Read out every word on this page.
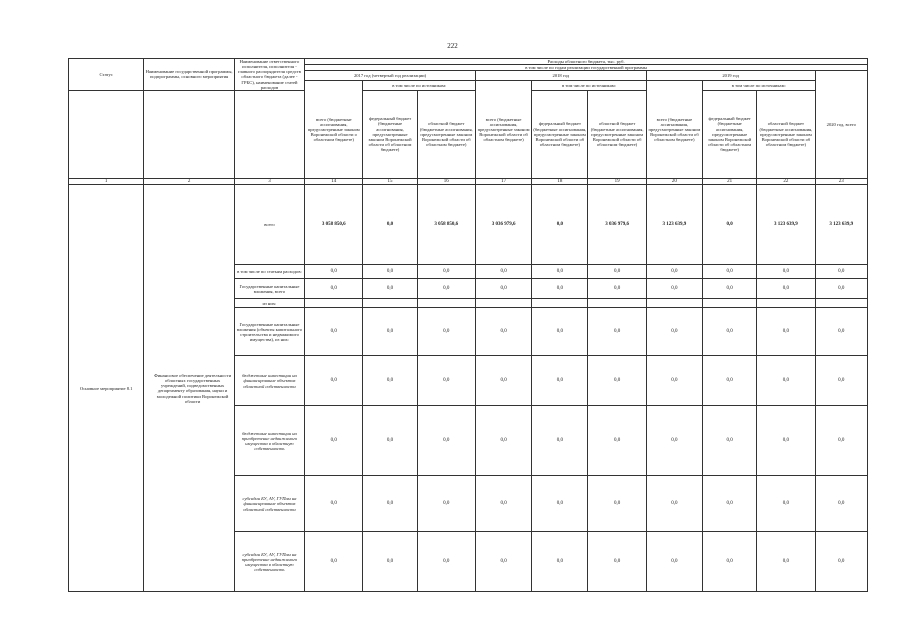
222
Статус	Наименование государственной программы, подпрограммы, основного мероприятия	Наименование ответственного исполнителя, исполнителя - главного распорядителя средств областного бюджета (далее - ГРБС), наименование статей расходов	Расходы областного бюджета, тыс. руб.									
			в том числе по годам реализации государственной программы									
			2017 год (четвертый год реализации)			2018 год			2019 год			2020 год, всего
			всего (бюджетные ассигнования, предусмотренные законом Воронежской области о областном бюджете)	в том числе по источникам:		всего (бюджетные ассигнования, предусмотренные законом Воронежской области об областном бюджете)	в том числе по источникам:		всего (бюджетные ассигнования, предусмотренные законом Воронежской области об областном бюджете)	в том числе по источникам:		
				федеральный бюджет (бюджетные ассигнования, предусмотренные законом Воронежской области об областном бюджете)	областной бюджет (бюджетные ассигнования, предусмотренные законом Воронежской области об областном бюджете)		федеральный бюджет (бюджетные ассигнования, предусмотренные законом Воронежской области об областном бюджете)	областной бюджет (бюджетные ассигнования, предусмотренные законом Воронежской области об областном бюджете)		федеральный бюджет (бюджетные ассигнования, предусмотренные законом Воронежской области об областном бюджете)	областной бюджет (бюджетные ассигнования, предусмотренные законом Воронежской области об областном бюджете)	
1	2	3	14	15	16	17	18	19	20	21	22	23
Основное мероприятие 8.1	Финансовое обеспечение деятельности областных государственных учреждений, подведомственных департаменту образования, науки и молодежной политики Воронежской области	всего	3 058 850,6	0,0	3 058 850,6	3 036 979,6	0,0	3 036 979,6	3 123 639,9	0,0	3 123 639,9	3 123 639,9
		в том числе по статьям расходов:	0,0	0,0	0,0	0,0	0,0	0,0	0,0	0,0	0,0	0,0
		Государственные капитальные вложения, всего	0,0	0,0	0,0	0,0	0,0	0,0	0,0	0,0	0,0	0,0
		из них:										
		Государственные капитальные вложения (объекты капитального строительства и недвижимого имущества), из них:	0,0	0,0	0,0	0,0	0,0	0,0	0,0	0,0	0,0	0,0
		бюджетные инвестиции на финансирование объектов областной собственности	0,0	0,0	0,0	0,0	0,0	0,0	0,0	0,0	0,0	0,0
		бюджетные инвестиции на приобретение недвижимого имущества в областную собственность	0,0	0,0	0,0	0,0	0,0	0,0	0,0	0,0	0,0	0,0
		субсидии БУ, АУ, ГУПам на финансирование объектов областной собственности	0,0	0,0	0,0	0,0	0,0	0,0	0,0	0,0	0,0	0,0
		субсидии БУ, АУ, ГУПам на приобретение недвижимого имущества в областную собственность	0,0	0,0	0,0	0,0	0,0	0,0	0,0	0,0	0,0	0,0
